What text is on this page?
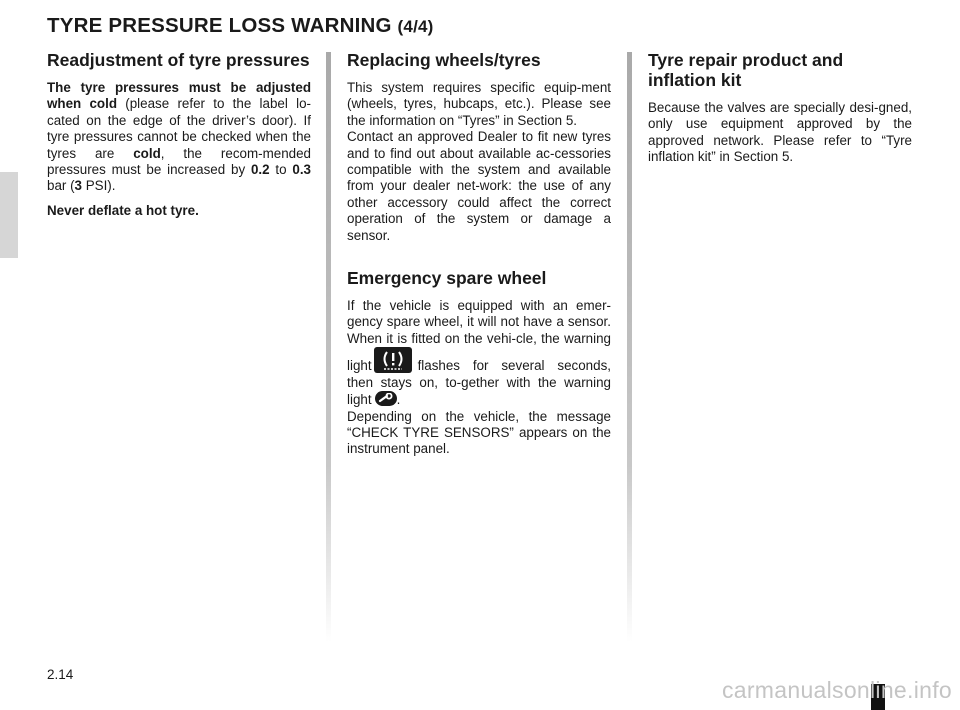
TYRE PRESSURE LOSS WARNING (4/4)
Readjustment of tyre pressures

The tyre pressures must be adjusted when cold (please refer to the label lo-cated on the edge of the driver’s door). If tyre pressures cannot be checked when the tyres are cold, the recom-mended pressures must be increased by 0.2 to 0.3 bar (3 PSI).

Never deflate a hot tyre.

Replacing wheels/tyres

This system requires specific equip-ment (wheels, tyres, hubcaps, etc.). Please see the information on “Tyres” in Section 5.
Contact an approved Dealer to fit new tyres and to find out about available ac-cessories compatible with the system and available from your dealer net-work: the use of any other accessory could affect the correct operation of the system or damage a sensor.

Emergency spare wheel

If the vehicle is equipped with an emer-gency spare wheel, it will not have a sensor. When it is fitted on the vehi-cle, the warning light	flashes for several seconds, then stays on, to-gether with the warning light .
Depending on the vehicle, the message “CHECK TYRE SENSORS” appears on the instrument panel.

Tyre repair product and inflation kit

Because the valves are specially desi-gned, only use equipment approved by the approved network. Please refer to “Tyre inflation kit” in Section 5.

2.14
carmanualsonline.info
